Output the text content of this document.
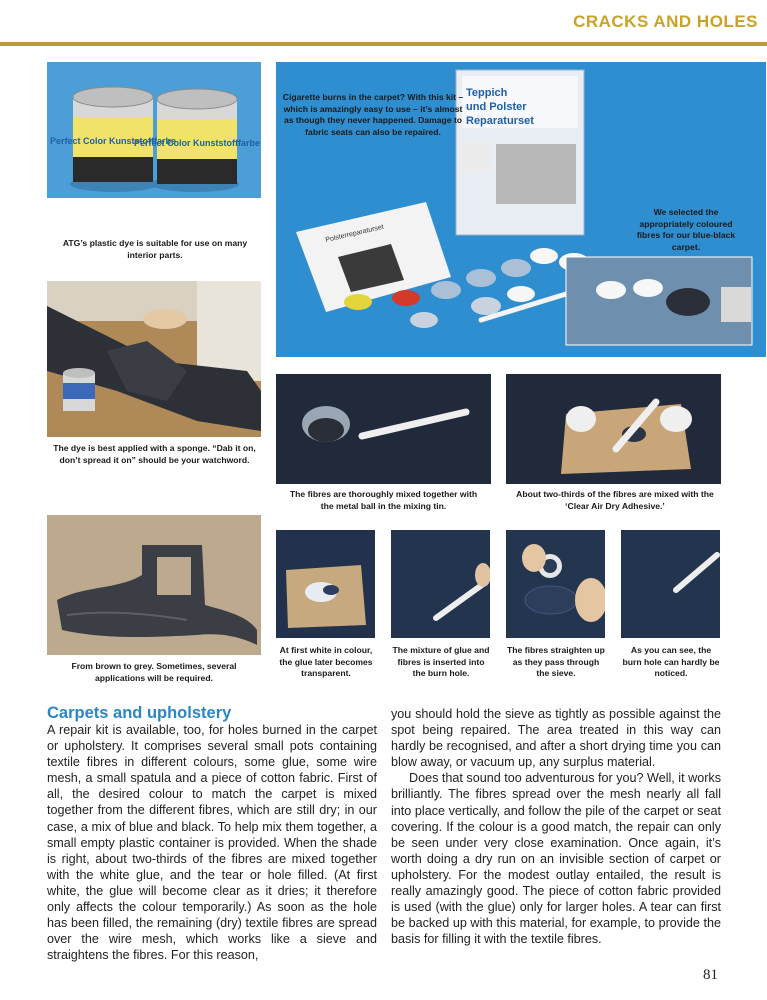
CRACKS AND HOLES
Perfect Color Kunststofffarbe
Perfect Color Kunststofffarbe
ATG’s plastic dye is suitable for use on many interior parts.
Teppich
und Polster
Reparaturset
Polsterreparaturset
Cigarette burns in the carpet? With this kit – which is amazingly easy to use – it’s almost as though they never happened. Damage to fabric seats can also be repaired.
We selected the appropriately coloured fibres for our blue-black carpet.
The dye is best applied with a sponge. “Dab it on, don’t spread it on” should be your watchword.
The fibres are thoroughly mixed together with the metal ball in the mixing tin.
About two-thirds of the fibres are mixed with the ‘Clear Air Dry Adhesive.’
From brown to grey. Sometimes, several applications will be required.
At first white in colour, the glue later becomes transparent.
The mixture of glue and fibres is inserted into the burn hole.
The fibres straighten up as they pass through the sieve.
As you can see, the burn hole can hardly be noticed.
Carpets and upholstery

A repair kit is available, too, for holes burned in the carpet or upholstery. It comprises several small pots containing textile fibres in different colours, some glue, some wire mesh, a small spatula and a piece of cotton fabric. First of all, the desired colour to match the carpet is mixed together from the different fibres, which are still dry; in our case, a mix of blue and black. To help mix them together, a small empty plastic container is provided. When the shade is right, about two-thirds of the fibres are mixed together with the white glue, and the tear or hole filled. (At first white, the glue will become clear as it dries; it therefore only affects the colour temporarily.) As soon as the hole has been filled, the remaining (dry) textile fibres are spread over the wire mesh, which works like a sieve and straightens the fibres. For this reason,

you should hold the sieve as tightly as possible against the spot being repaired. The area treated in this way can hardly be recognised, and after a short drying time you can blow away, or vacuum up, any surplus material.

Does that sound too adventurous for you? Well, it works brilliantly. The fibres spread over the mesh nearly all fall into place vertically, and follow the pile of the carpet or seat covering. If the colour is a good match, the repair can only be seen under very close examination. Once again, it’s worth doing a dry run on an invisible section of carpet or upholstery. For the modest outlay entailed, the result is really amazingly good. The piece of cotton fabric provided is used (with the glue) only for larger holes. A tear can first be backed up with this material, for example, to provide the basis for filling it with the textile fibres.

81
